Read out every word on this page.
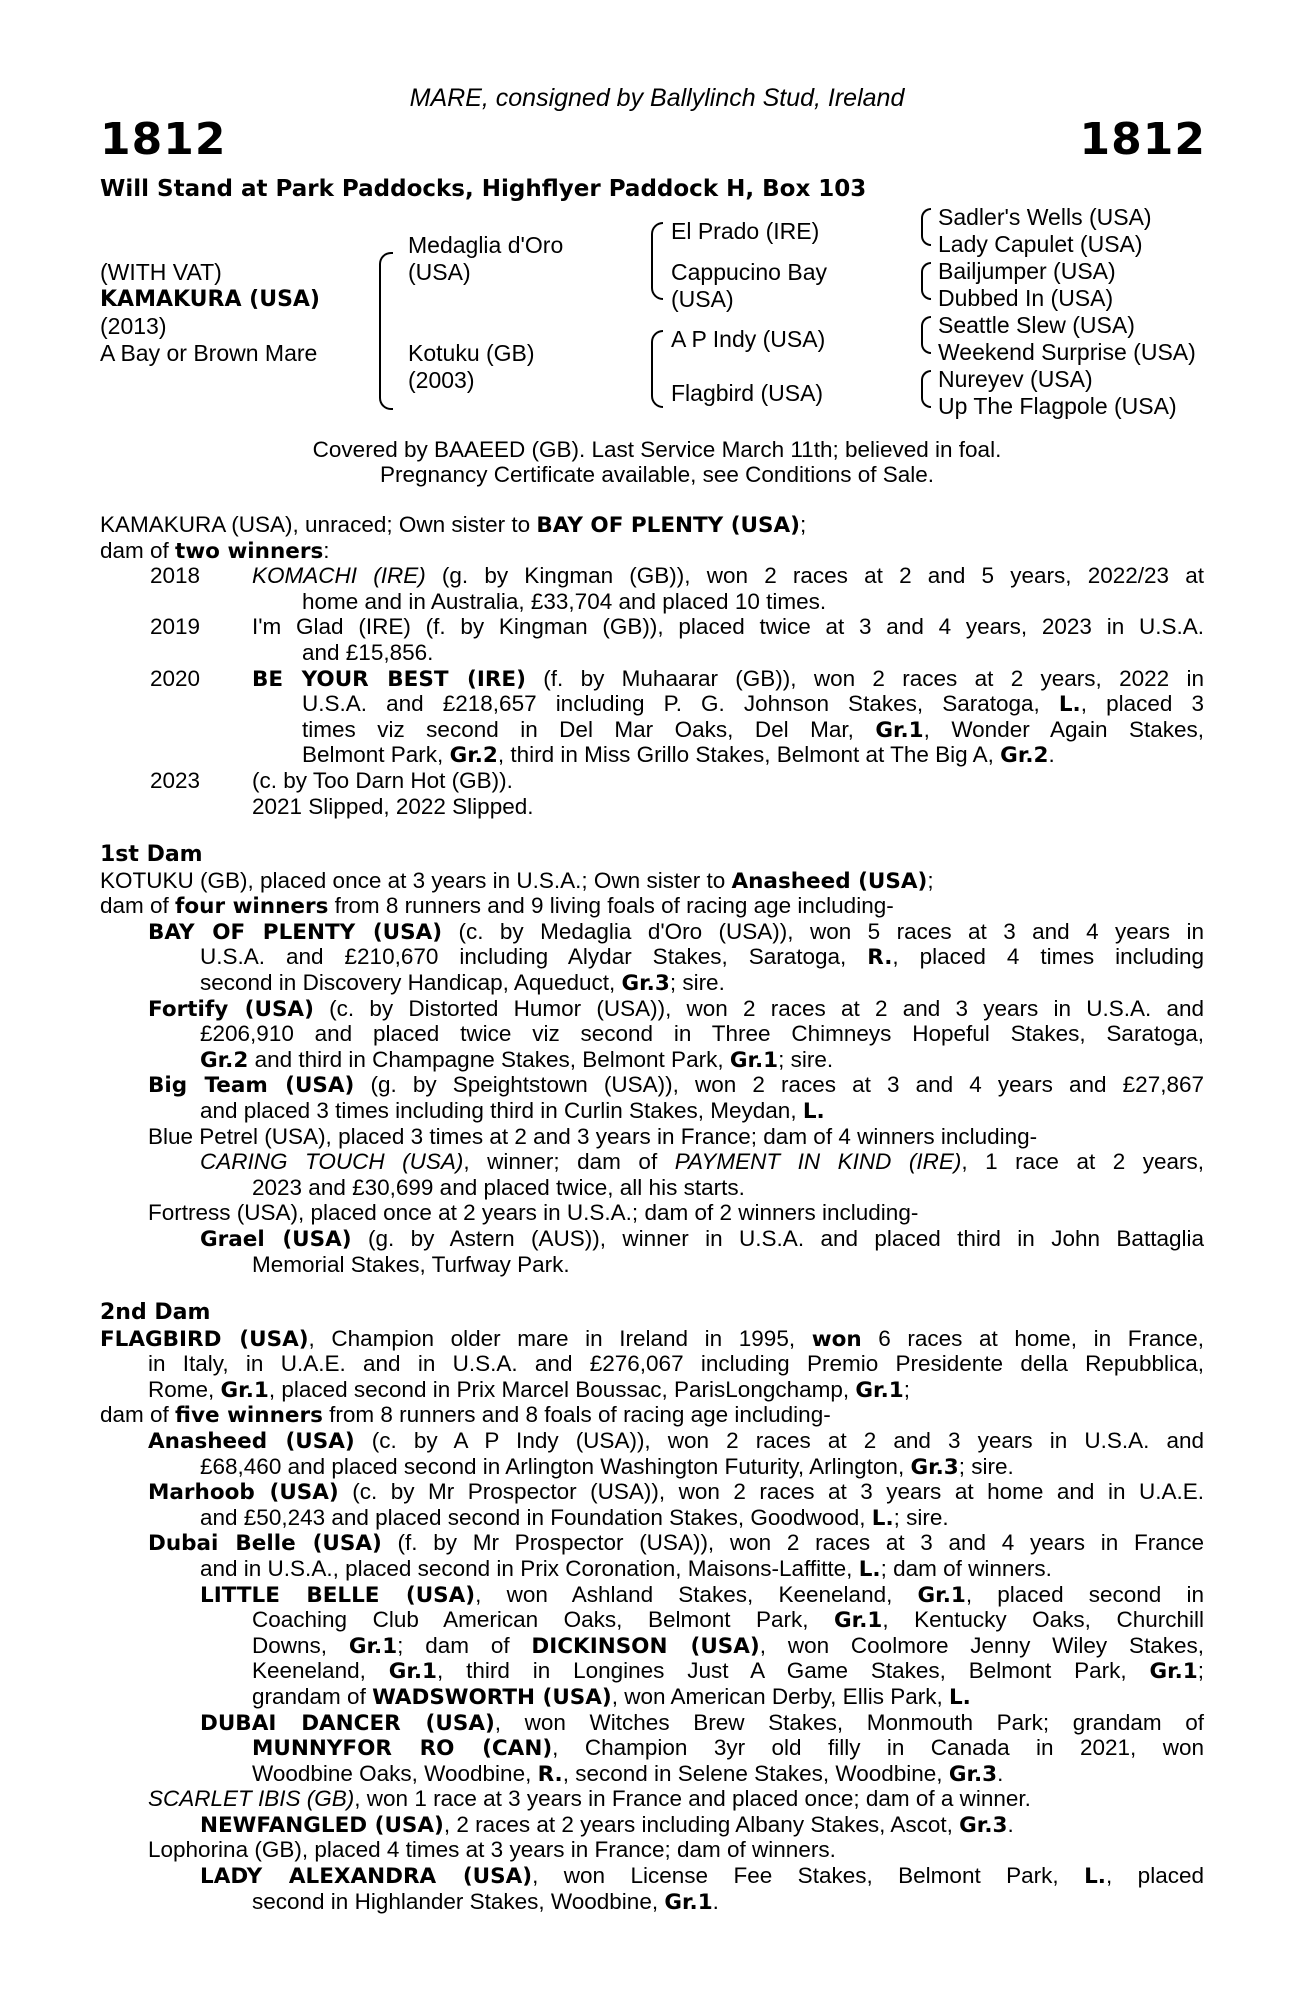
MARE, consigned by Ballylinch Stud, Ireland
1812	1812
Will Stand at Park Paddocks, Highflyer Paddock H, Box 103
(WITH VAT)
KAMAKURA (USA)
(2013)
A Bay or Brown Mare
Medaglia d'Oro
(USA)
Kotuku (GB)
(2003)
El Prado (IRE)
Cappucino Bay
(USA)
A P Indy (USA)
Flagbird (USA)
Sadler's Wells (USA)
Lady Capulet (USA)
Bailjumper (USA)
Dubbed In (USA)
Seattle Slew (USA)
Weekend Surprise (USA)
Nureyev (USA)
Up The Flagpole (USA)
Covered by BAAEED (GB). Last Service March 11th; believed in foal.
Pregnancy Certificate available, see Conditions of Sale.
KAMAKURA (USA), unraced; Own sister to BAY OF PLENTY (USA);
dam of two winners:
2018 KOMACHI (IRE) (g. by Kingman (GB)), won 2 races at 2 and 5 years, 2022/23 at
home and in Australia, £33,704 and placed 10 times.
2019 I'm Glad (IRE) (f. by Kingman (GB)), placed twice at 3 and 4 years, 2023 in U.S.A.
and £15,856.
2020 BE YOUR BEST (IRE) (f. by Muhaarar (GB)), won 2 races at 2 years, 2022 in
U.S.A. and £218,657 including P. G. Johnson Stakes, Saratoga, L., placed 3
times viz second in Del Mar Oaks, Del Mar, Gr.1, Wonder Again Stakes,
Belmont Park, Gr.2, third in Miss Grillo Stakes, Belmont at The Big A, Gr.2.
2023 (c. by Too Darn Hot (GB)).
2021 Slipped, 2022 Slipped.
1st Dam
KOTUKU (GB), placed once at 3 years in U.S.A.; Own sister to Anasheed (USA);
dam of four winners from 8 runners and 9 living foals of racing age including-
BAY OF PLENTY (USA) (c. by Medaglia d'Oro (USA)), won 5 races at 3 and 4 years in
U.S.A. and £210,670 including Alydar Stakes, Saratoga, R., placed 4 times including
second in Discovery Handicap, Aqueduct, Gr.3; sire.
Fortify (USA) (c. by Distorted Humor (USA)), won 2 races at 2 and 3 years in U.S.A. and
£206,910 and placed twice viz second in Three Chimneys Hopeful Stakes, Saratoga,
Gr.2 and third in Champagne Stakes, Belmont Park, Gr.1; sire.
Big Team (USA) (g. by Speightstown (USA)), won 2 races at 3 and 4 years and £27,867
and placed 3 times including third in Curlin Stakes, Meydan, L.
Blue Petrel (USA), placed 3 times at 2 and 3 years in France; dam of 4 winners including-
CARING TOUCH (USA), winner; dam of PAYMENT IN KIND (IRE), 1 race at 2 years,
2023 and £30,699 and placed twice, all his starts.
Fortress (USA), placed once at 2 years in U.S.A.; dam of 2 winners including-
Grael (USA) (g. by Astern (AUS)), winner in U.S.A. and placed third in John Battaglia
Memorial Stakes, Turfway Park.
2nd Dam
FLAGBIRD (USA), Champion older mare in Ireland in 1995, won 6 races at home, in France,
in Italy, in U.A.E. and in U.S.A. and £276,067 including Premio Presidente della Repubblica,
Rome, Gr.1, placed second in Prix Marcel Boussac, ParisLongchamp, Gr.1;
dam of five winners from 8 runners and 8 foals of racing age including-
Anasheed (USA) (c. by A P Indy (USA)), won 2 races at 2 and 3 years in U.S.A. and
£68,460 and placed second in Arlington Washington Futurity, Arlington, Gr.3; sire.
Marhoob (USA) (c. by Mr Prospector (USA)), won 2 races at 3 years at home and in U.A.E.
and £50,243 and placed second in Foundation Stakes, Goodwood, L.; sire.
Dubai Belle (USA) (f. by Mr Prospector (USA)), won 2 races at 3 and 4 years in France
and in U.S.A., placed second in Prix Coronation, Maisons-Laffitte, L.; dam of winners.
LITTLE BELLE (USA), won Ashland Stakes, Keeneland, Gr.1, placed second in
Coaching Club American Oaks, Belmont Park, Gr.1, Kentucky Oaks, Churchill
Downs, Gr.1; dam of DICKINSON (USA), won Coolmore Jenny Wiley Stakes,
Keeneland, Gr.1, third in Longines Just A Game Stakes, Belmont Park, Gr.1;
grandam of WADSWORTH (USA), won American Derby, Ellis Park, L.
DUBAI DANCER (USA), won Witches Brew Stakes, Monmouth Park; grandam of
MUNNYFOR RO (CAN), Champion 3yr old filly in Canada in 2021, won
Woodbine Oaks, Woodbine, R., second in Selene Stakes, Woodbine, Gr.3.
SCARLET IBIS (GB), won 1 race at 3 years in France and placed once; dam of a winner.
NEWFANGLED (USA), 2 races at 2 years including Albany Stakes, Ascot, Gr.3.
Lophorina (GB), placed 4 times at 3 years in France; dam of winners.
LADY ALEXANDRA (USA), won License Fee Stakes, Belmont Park, L., placed
second in Highlander Stakes, Woodbine, Gr.1.
